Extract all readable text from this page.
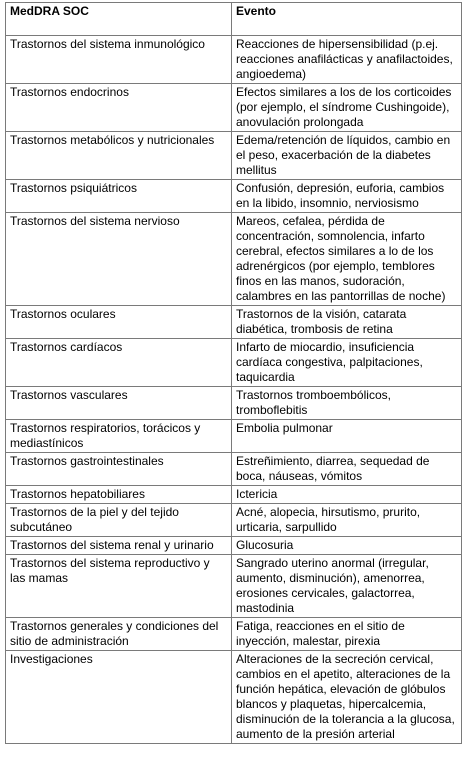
MedDRA SOC	Evento
Trastornos del sistema inmunológico	Reacciones de hipersensibilidad (p.ej. reacciones anafilácticas y anafilactoides, angioedema)
Trastornos endocrinos	Efectos similares a los de los corticoides (por ejemplo, el síndrome Cushingoide), anovulación prolongada
Trastornos metabólicos y nutricionales	Edema/retención de líquidos, cambio en el peso, exacerbación de la diabetes mellitus
Trastornos psiquiátricos	Confusión, depresión, euforia, cambios en la libido, insomnio, nerviosismo
Trastornos del sistema nervioso	Mareos, cefalea, pérdida de concentración, somnolencia, infarto cerebral, efectos similares a lo de los adrenérgicos (por ejemplo, temblores finos en las manos, sudoración, calambres en las pantorrillas de noche)
Trastornos oculares	Trastornos de la visión, catarata diabética, trombosis de retina
Trastornos cardíacos	Infarto de miocardio, insuficiencia cardíaca congestiva, palpitaciones, taquicardia
Trastornos vasculares	Trastornos tromboembólicos, tromboflebitis
Trastornos respiratorios, torácicos y mediastínicos	Embolia pulmonar
Trastornos gastrointestinales	Estreñimiento, diarrea, sequedad de boca, náuseas, vómitos
Trastornos hepatobiliares	Ictericia
Trastornos de la piel y del tejido subcutáneo	Acné, alopecia, hirsutismo, prurito, urticaria, sarpullido
Trastornos del sistema renal y urinario	Glucosuria
Trastornos del sistema reproductivo y las mamas	Sangrado uterino anormal (irregular, aumento, disminución), amenorrea, erosiones cervicales, galactorrea, mastodinia
Trastornos generales y condiciones del sitio de administración	Fatiga, reacciones en el sitio de inyección, malestar, pirexia
Investigaciones	Alteraciones de la secreción cervical, cambios en el apetito, alteraciones de la función hepática, elevación de glóbulos blancos y plaquetas, hipercalcemia, disminución de la tolerancia a la glucosa, aumento de la presión arterial
